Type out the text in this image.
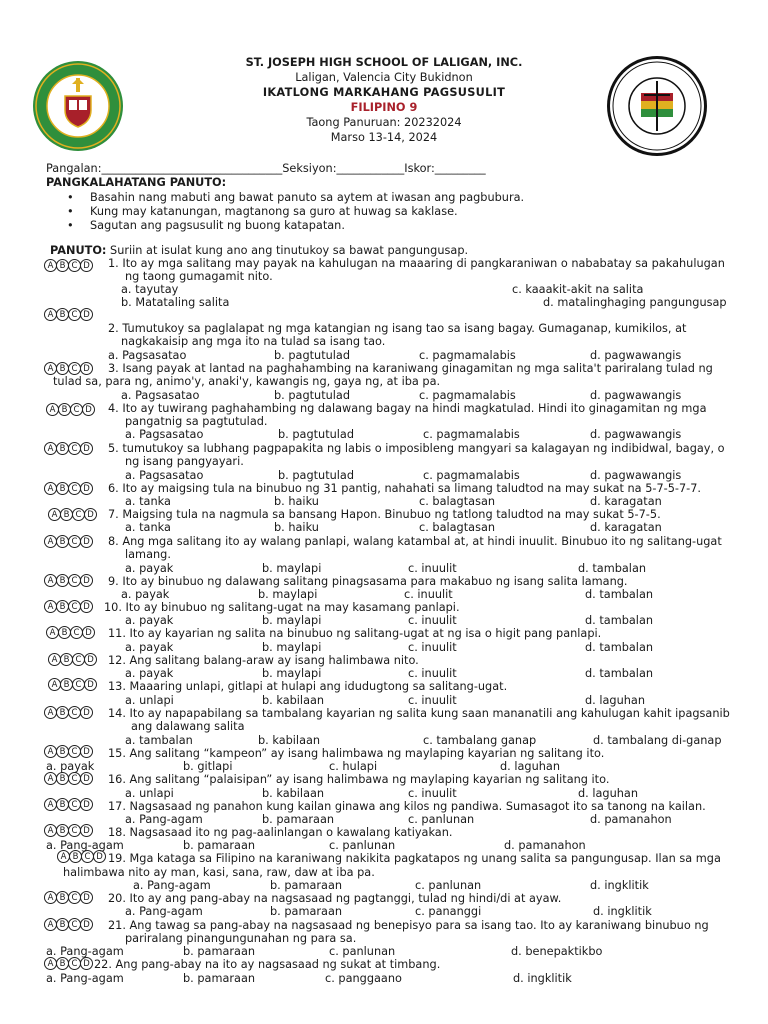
ST. JOSEPH HIGH SCHOOL OF LALIGAN, INC.
Laligan, Valencia City Bukidnon
IKATLONG MARKAHANG PAGSUSULIT
FILIPINO 9
Taong Panuruan: 20232024
Marso 13-14, 2024
Pangalan:________________________________Seksiyon:____________Iskor:_________
PANGKALAHATANG PANUTO:
• Basahin nang mabuti ang bawat panuto sa aytem at iwasan ang pagbubura.
• Kung may katanungan, magtanong sa guro at huwag sa kaklase.
• Sagutan ang pagsusulit ng buong katapatan.
PANUTO: Suriin at isulat kung ano ang tinutukoy sa bawat pangungusap.
A B C D
A B C D
A B C D
A B C D
A B C D
A B C D
A B C D
A B C D
A B C D
A B C D
A B C D
A B C D
A B C D
A B C D
A B C D
A B C D
A B C D
A B C D
A B C D
A B C D
A B C D
A B C D
1. Ito ay mga salitang may payak na kahulugan na maaaring di pangkaraniwan o nababatay sa pakahulugan
ng taong gumagamit nito.
a. tayutay	c. kaaakit-akit na salita
b. Matataling salita	d. matalinghaging pangungusap
2. Tumutukoy sa paglalapat ng mga katangian ng isang tao sa isang bagay. Gumaganap, kumikilos, at
nagkakaisip ang mga ito na tulad sa isang tao.
a. Pagsasatao	b. pagtutulad	c. pagmamalabis	d. pagwawangis
3. Isang payak at lantad na paghahambing na karaniwang ginagamitan ng mga salita't pariralang tulad ng
tulad sa, para ng, animo'y, anaki'y, kawangis ng, gaya ng, at iba pa.
a. Pagsasatao	b. pagtutulad	c. pagmamalabis	d. pagwawangis
4. Ito ay tuwirang paghahambing ng dalawang bagay na hindi magkatulad. Hindi ito ginagamitan ng mga
pangatnig sa pagtutulad.
a. Pagsasatao	b. pagtutulad	c. pagmamalabis	d. pagwawangis
5. tumutukoy sa lubhang pagpapakita ng labis o imposibleng mangyari sa kalagayan ng indibidwal, bagay, o
ng isang pangyayari.
a. Pagsasatao	b. pagtutulad	c. pagmamalabis	d. pagwawangis
6. Ito ay maigsing tula na binubuo ng 31 pantig, nahahati sa limang taludtod na may sukat na 5-7-5-7-7.
a. tanka	b. haiku	c. balagtasan	d. karagatan
7. Maigsing tula na nagmula sa bansang Hapon. Binubuo ng tatlong taludtod na may sukat 5-7-5.
a. tanka	b. haiku	c. balagtasan	d. karagatan
8. Ang mga salitang ito ay walang panlapi, walang katambal at, at hindi inuulit. Binubuo ito ng salitang-ugat
lamang.
a. payak	b. maylapi	c. inuulit	d. tambalan
9. Ito ay binubuo ng dalawang salitang pinagsasama para makabuo ng isang salita lamang.
a. payak	b. maylapi	c. inuulit	d. tambalan
10. Ito ay binubuo ng salitang-ugat na may kasamang panlapi.
a. payak	b. maylapi	c. inuulit	d. tambalan
11. Ito ay kayarian ng salita na binubuo ng salitang-ugat at ng isa o higit pang panlapi.
a. payak	b. maylapi	c. inuulit	d. tambalan
12. Ang salitang balang-araw ay isang halimbawa nito.
a. payak	b. maylapi	c. inuulit	d. tambalan
13. Maaaring unlapi, gitlapi at hulapi ang idudugtong sa salitang-ugat.
a. unlapi	b. kabilaan	c. inuulit	d. laguhan
14. Ito ay napapabilang sa tambalang kayarian ng salita kung saan mananatili ang kahulugan kahit ipagsanib
ang dalawang salita
a. tambalan	b. kabilaan	c. tambalang ganap	d. tambalang di-ganap
15. Ang salitang “kampeon” ay isang halimbawa ng maylaping kayarian ng salitang ito.
a. payak	b. gitlapi	c. hulapi	d. laguhan
16. Ang salitang “palaisipan” ay isang halimbawa ng maylaping kayarian ng salitang ito.
a. unlapi	b. kabilaan	c. inuulit	d. laguhan
17. Nagsasaad ng panahon kung kailan ginawa ang kilos ng pandiwa. Sumasagot ito sa tanong na kailan.
a. Pang-agam	b. pamaraan	c. panlunan	d. pamanahon
18. Nagsasaad ito ng pag-aalinlangan o kawalang katiyakan.
a. Pang-agam	b. pamaraan	c. panlunan	d. pamanahon
19. Mga kataga sa Filipino na karaniwang nakikita pagkatapos ng unang salita sa pangungusap. Ilan sa mga
halimbawa nito ay man, kasi, sana, raw, daw at iba pa.
a. Pang-agam	b. pamaraan	c. panlunan	d. ingklitik
20. Ito ay ang pang-abay na nagsasaad ng pagtanggi, tulad ng hindi/di at ayaw.
a. Pang-agam	b. pamaraan	c. pananggi	d. ingklitik
21. Ang tawag sa pang-abay na nagsasaad ng benepisyo para sa isang tao. Ito ay karaniwang binubuo ng
pariralang pinangungunahan ng para sa.
a. Pang-agam	b. pamaraan	c. panlunan	d. benepaktikbo
22. Ang pang-abay na ito ay nagsasaad ng sukat at timbang.
a. Pang-agam	b. pamaraan	c. panggaano	d. ingklitik
